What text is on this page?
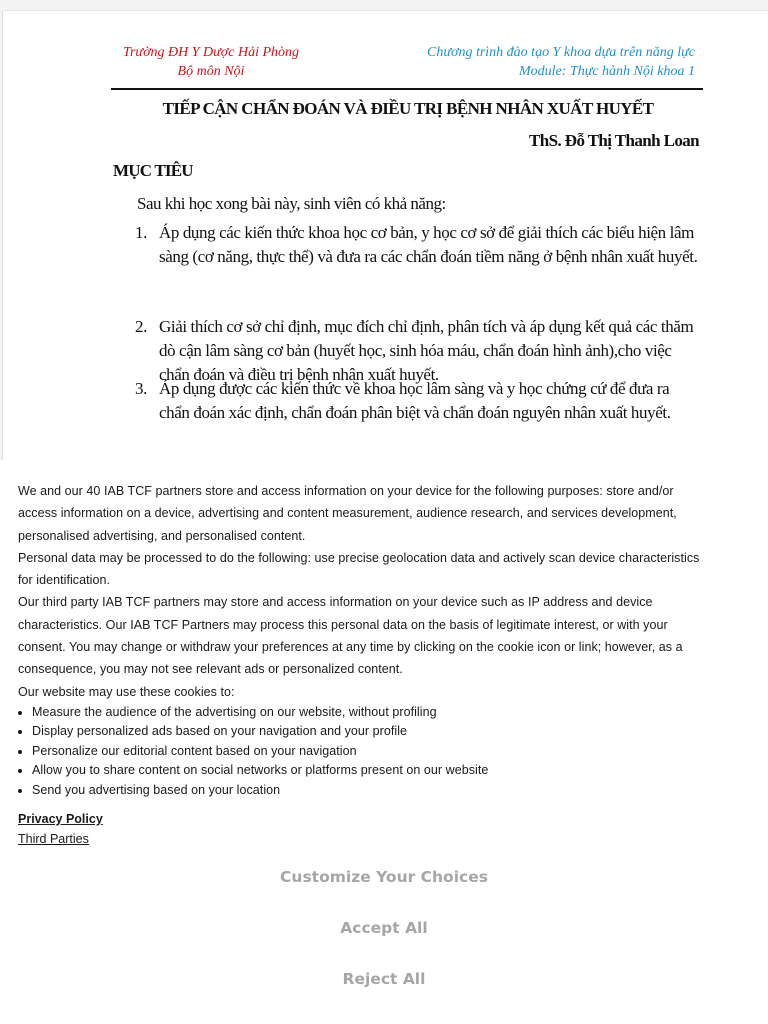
Trường ĐH Y Dược Hải Phòng
Bộ môn Nội
Chương trình đào tạo Y khoa dựa trên năng lực
Module: Thực hành Nội khoa 1
TIẾP CẬN CHẨN ĐOÁN VÀ ĐIỀU TRỊ BỆNH NHÂN XUẤT HUYẾT
ThS. Đỗ Thị Thanh Loan
MỤC TIÊU
Sau khi học xong bài này, sinh viên có khả năng:
1. Áp dụng các kiến thức khoa học cơ bản, y học cơ sở để giải thích các biểu hiện lâm sàng (cơ năng, thực thể) và đưa ra các chẩn đoán tiềm năng ở bệnh nhân xuất huyết.
2. Giải thích cơ sở chỉ định, mục đích chỉ định, phân tích và áp dụng kết quả các thăm dò cận lâm sàng cơ bản (huyết học, sinh hóa máu, chẩn đoán hình ảnh),cho việc chẩn đoán và điều trị bệnh nhân xuất huyết.
3. Áp dụng được các kiến thức về khoa học lâm sàng và y học chứng cứ để đưa ra chẩn đoán xác định, chẩn đoán phân biệt và chẩn đoán nguyên nhân xuất huyết.

We and our 40 IAB TCF partners store and access information on your device for the following purposes: store and/or access information on a device, advertising and content measurement, audience research, and services development, personalised advertising, and personalised content.

Personal data may be processed to do the following: use precise geolocation data and actively scan device characteristics for identification.

Our third party IAB TCF partners may store and access information on your device such as IP address and device characteristics. Our IAB TCF Partners may process this personal data on the basis of legitimate interest, or with your consent. You may change or withdraw your preferences at any time by clicking on the cookie icon or link; however, as a consequence, you may not see relevant ads or personalized content.

Our website may use these cookies to:

• Measure the audience of the advertising on our website, without profiling
• Display personalized ads based on your navigation and your profile
• Personalize our editorial content based on your navigation
• Allow you to share content on social networks or platforms present on our website
• Send you advertising based on your location
Privacy Policy
Third Parties
Customize Your Choices
Accept All
Reject All
